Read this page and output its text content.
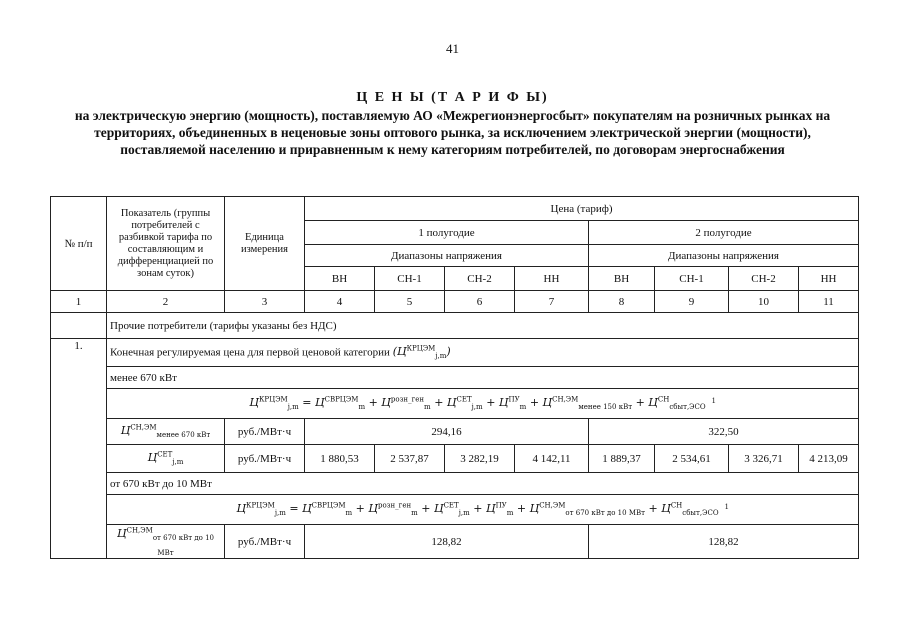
41
Ц Е Н Ы (Т А Р И Ф Ы)
на электрическую энергию (мощность), поставляемую АО «Межрегионэнергосбыт» покупателям на розничных рынках на территориях, объединенных в неценовые зоны оптового рынка, за исключением электрической энергии (мощности), поставляемой населению и приравненным к нему категориям потребителей, по договорам энергоснабжения
№ п/п	Показатель (группы потребителей с разбивкой тарифа по составляющим и дифференциацией по зонам суток)	Единица измерения	Цена (тариф)							
			1 полугодие				2 полугодие			
			Диапазоны напряжения				Диапазоны напряжения			
			ВН	СН-1	СН-2	НН	ВН	СН-1	СН-2	НН
1	2	3	4	5	6	7	8	9	10	11
	Прочие потребители (тарифы указаны без НДС)									
1.	Конечная регулируемая цена для первой ценовой категории $(Ц^{КРЦЭМ}_{j,m})$									
	менее 670 кВт									
	$Ц^{КРЦЭМ}_{j,m} = Ц^{СВРЦЭМ}_m + Ц^{розн\_ген}_m + Ц^{СЕТ}_{j,m} + Ц^{ПУ}_m + Ц^{СН,ЭМ}_{менее 150 кВт} + Ц^{СН}_{сбыт,ЭСО}^1$
	$Ц^{СН,ЭМ}_{менее 670 кВт}$	руб./МВт·ч	294,16				322,50			
	$Ц^{СЕТ}_{j,m}$	руб./МВт·ч	1 880,53	2 537,87	3 282,19	4 142,11	1 889,37	2 534,61	3 326,71	4 213,09
	от 670 кВт до 10 МВт									
	$Ц^{КРЦЭМ}_{j,m} = Ц^{СВРЦЭМ}_m + Ц^{розн\_ген}_m + Ц^{СЕТ}_{j,m} + Ц^{ПУ}_m + Ц^{СН,ЭМ}_{от 670 кВт до 10 МВт} + Ц^{СН}_{сбыт,ЭСО}^1$
	$Ц^{СН,ЭМ}_{от 670 кВт до 10 МВт}$	руб./МВт·ч	128,82				128,82			
